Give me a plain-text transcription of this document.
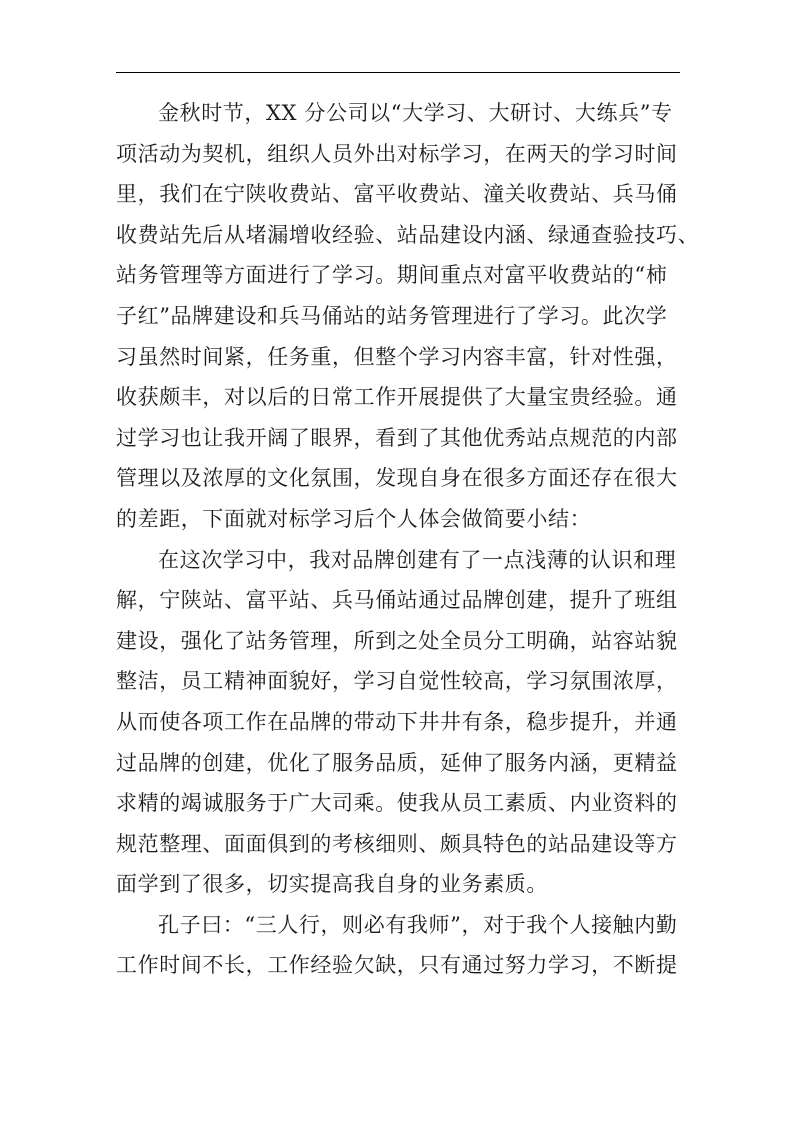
金秋时节，XX 分公司以“大学习、大研讨、大练兵”专
项活动为契机，组织人员外出对标学习，在两天的学习时间
里，我们在宁陕收费站、富平收费站、潼关收费站、兵马俑
收费站先后从堵漏增收经验、站品建设内涵、绿通查验技巧、
站务管理等方面进行了学习。期间重点对富平收费站的“柿
子红”品牌建设和兵马俑站的站务管理进行了学习。此次学
习虽然时间紧，任务重，但整个学习内容丰富，针对性强，
收获颇丰，对以后的日常工作开展提供了大量宝贵经验。通
过学习也让我开阔了眼界，看到了其他优秀站点规范的内部
管理以及浓厚的文化氛围，发现自身在很多方面还存在很大
的差距，下面就对标学习后个人体会做简要小结：

在这次学习中，我对品牌创建有了一点浅薄的认识和理
解，宁陕站、富平站、兵马俑站通过品牌创建，提升了班组
建设，强化了站务管理，所到之处全员分工明确，站容站貌
整洁，员工精神面貌好，学习自觉性较高，学习氛围浓厚，
从而使各项工作在品牌的带动下井井有条，稳步提升，并通
过品牌的创建，优化了服务品质，延伸了服务内涵，更精益
求精的竭诚服务于广大司乘。使我从员工素质、内业资料的
规范整理、面面俱到的考核细则、颇具特色的站品建设等方
面学到了很多，切实提高我自身的业务素质。

孔子曰：“三人行，则必有我师”，对于我个人接触内勤
工作时间不长，工作经验欠缺，只有通过努力学习，不断提
